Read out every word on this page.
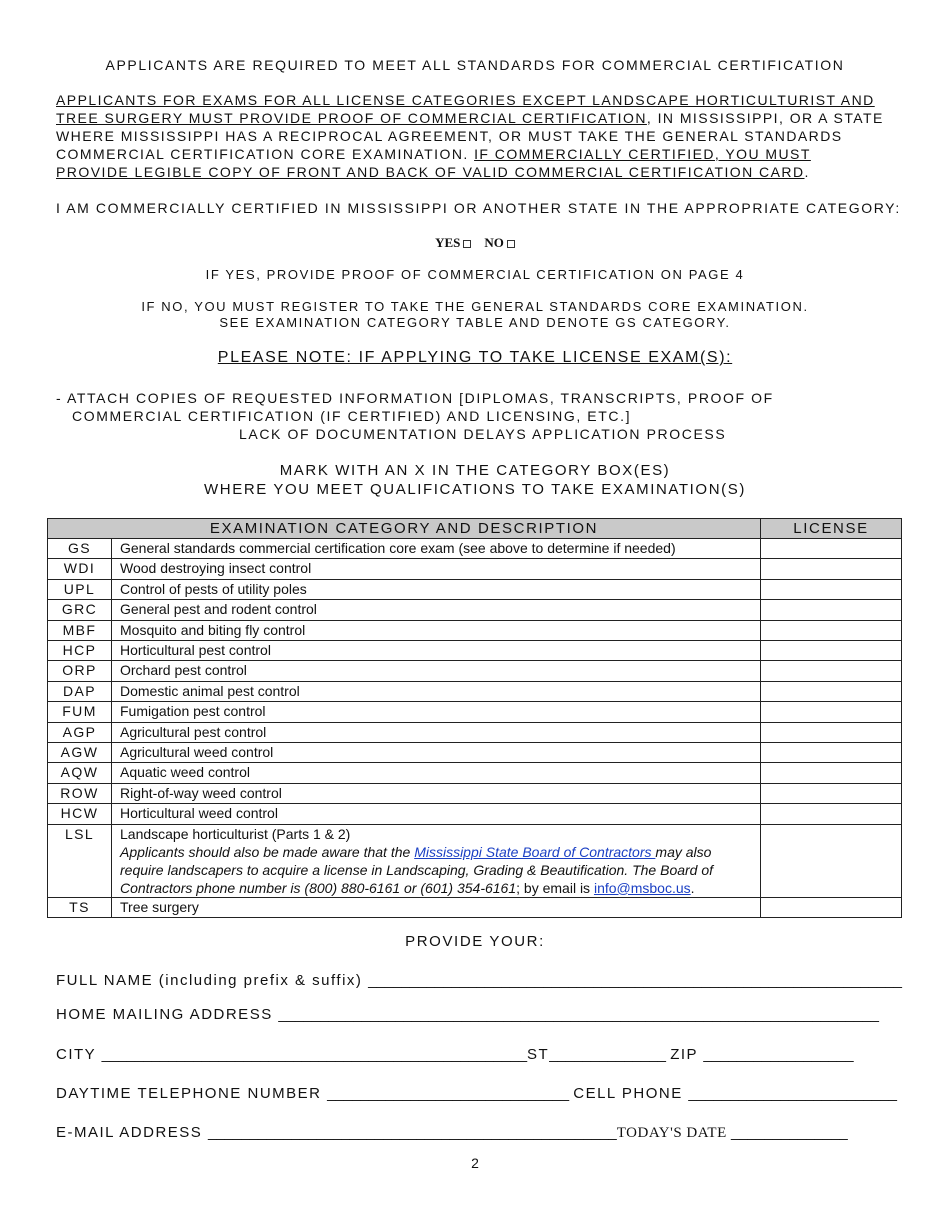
APPLICANTS ARE REQUIRED TO MEET ALL STANDARDS FOR COMMERCIAL CERTIFICATION
APPLICANTS FOR EXAMS FOR ALL LICENSE CATEGORIES EXCEPT LANDSCAPE HORTICULTURIST AND TREE SURGERY MUST PROVIDE PROOF OF COMMERCIAL CERTIFICATION, IN MISSISSIPPI, OR A STATE WHERE MISSISSIPPI HAS A RECIPROCAL AGREEMENT, OR MUST TAKE THE GENERAL STANDARDS COMMERCIAL CERTIFICATION CORE EXAMINATION. IF COMMERCIALLY CERTIFIED, YOU MUST PROVIDE LEGIBLE COPY OF FRONT AND BACK OF VALID COMMERCIAL CERTIFICATION CARD.
I AM COMMERCIALLY CERTIFIED IN MISSISSIPPI OR ANOTHER STATE IN THE APPROPRIATE CATEGORY:
YES NO
IF YES, PROVIDE PROOF OF COMMERCIAL CERTIFICATION ON PAGE 4
IF NO, YOU MUST REGISTER TO TAKE THE GENERAL STANDARDS CORE EXAMINATION.
SEE EXAMINATION CATEGORY TABLE AND DENOTE GS CATEGORY.
PLEASE NOTE: IF APPLYING TO TAKE LICENSE EXAM(S):
- ATTACH COPIES OF REQUESTED INFORMATION [DIPLOMAS, TRANSCRIPTS, PROOF OF
COMMERCIAL CERTIFICATION (IF CERTIFIED) AND LICENSING, ETC.]
LACK OF DOCUMENTATION DELAYS APPLICATION PROCESS
MARK WITH AN X IN THE CATEGORY BOX(ES)
WHERE YOU MEET QUALIFICATIONS TO TAKE EXAMINATION(S)
EXAMINATION CATEGORY AND DESCRIPTION		LICENSE
GS	General standards commercial certification core exam (see above to determine if needed)	
WDI	Wood destroying insect control	
UPL	Control of pests of utility poles	
GRC	General pest and rodent control	
MBF	Mosquito and biting fly control	
HCP	Horticultural pest control	
ORP	Orchard pest control	
DAP	Domestic animal pest control	
FUM	Fumigation pest control	
AGP	Agricultural pest control	
AGW	Agricultural weed control	
AQW	Aquatic weed control	
ROW	Right-of-way weed control	
HCW	Horticultural weed control	
LSL	Landscape horticulturist (Parts 1 & 2)
Applicants should also be made aware that the Mississippi State Board of Contractors may also require landscapers to acquire a license in Landscaping, Grading & Beautification. The Board of Contractors phone number is (800) 880-6161 or (601) 354-6161; by email is info@msboc.us.	

TS	Tree surgery	
PROVIDE YOUR:
FULL NAME (including prefix & suffix) ________________________________________________________________
HOME MAILING ADDRESS ________________________________________________________________________
CITY ___________________________________________________ST______________ ZIP __________________
DAYTIME TELEPHONE NUMBER _____________________________ CELL PHONE _________________________
E-MAIL ADDRESS _________________________________________________TODAY'S DATE ______________
2
